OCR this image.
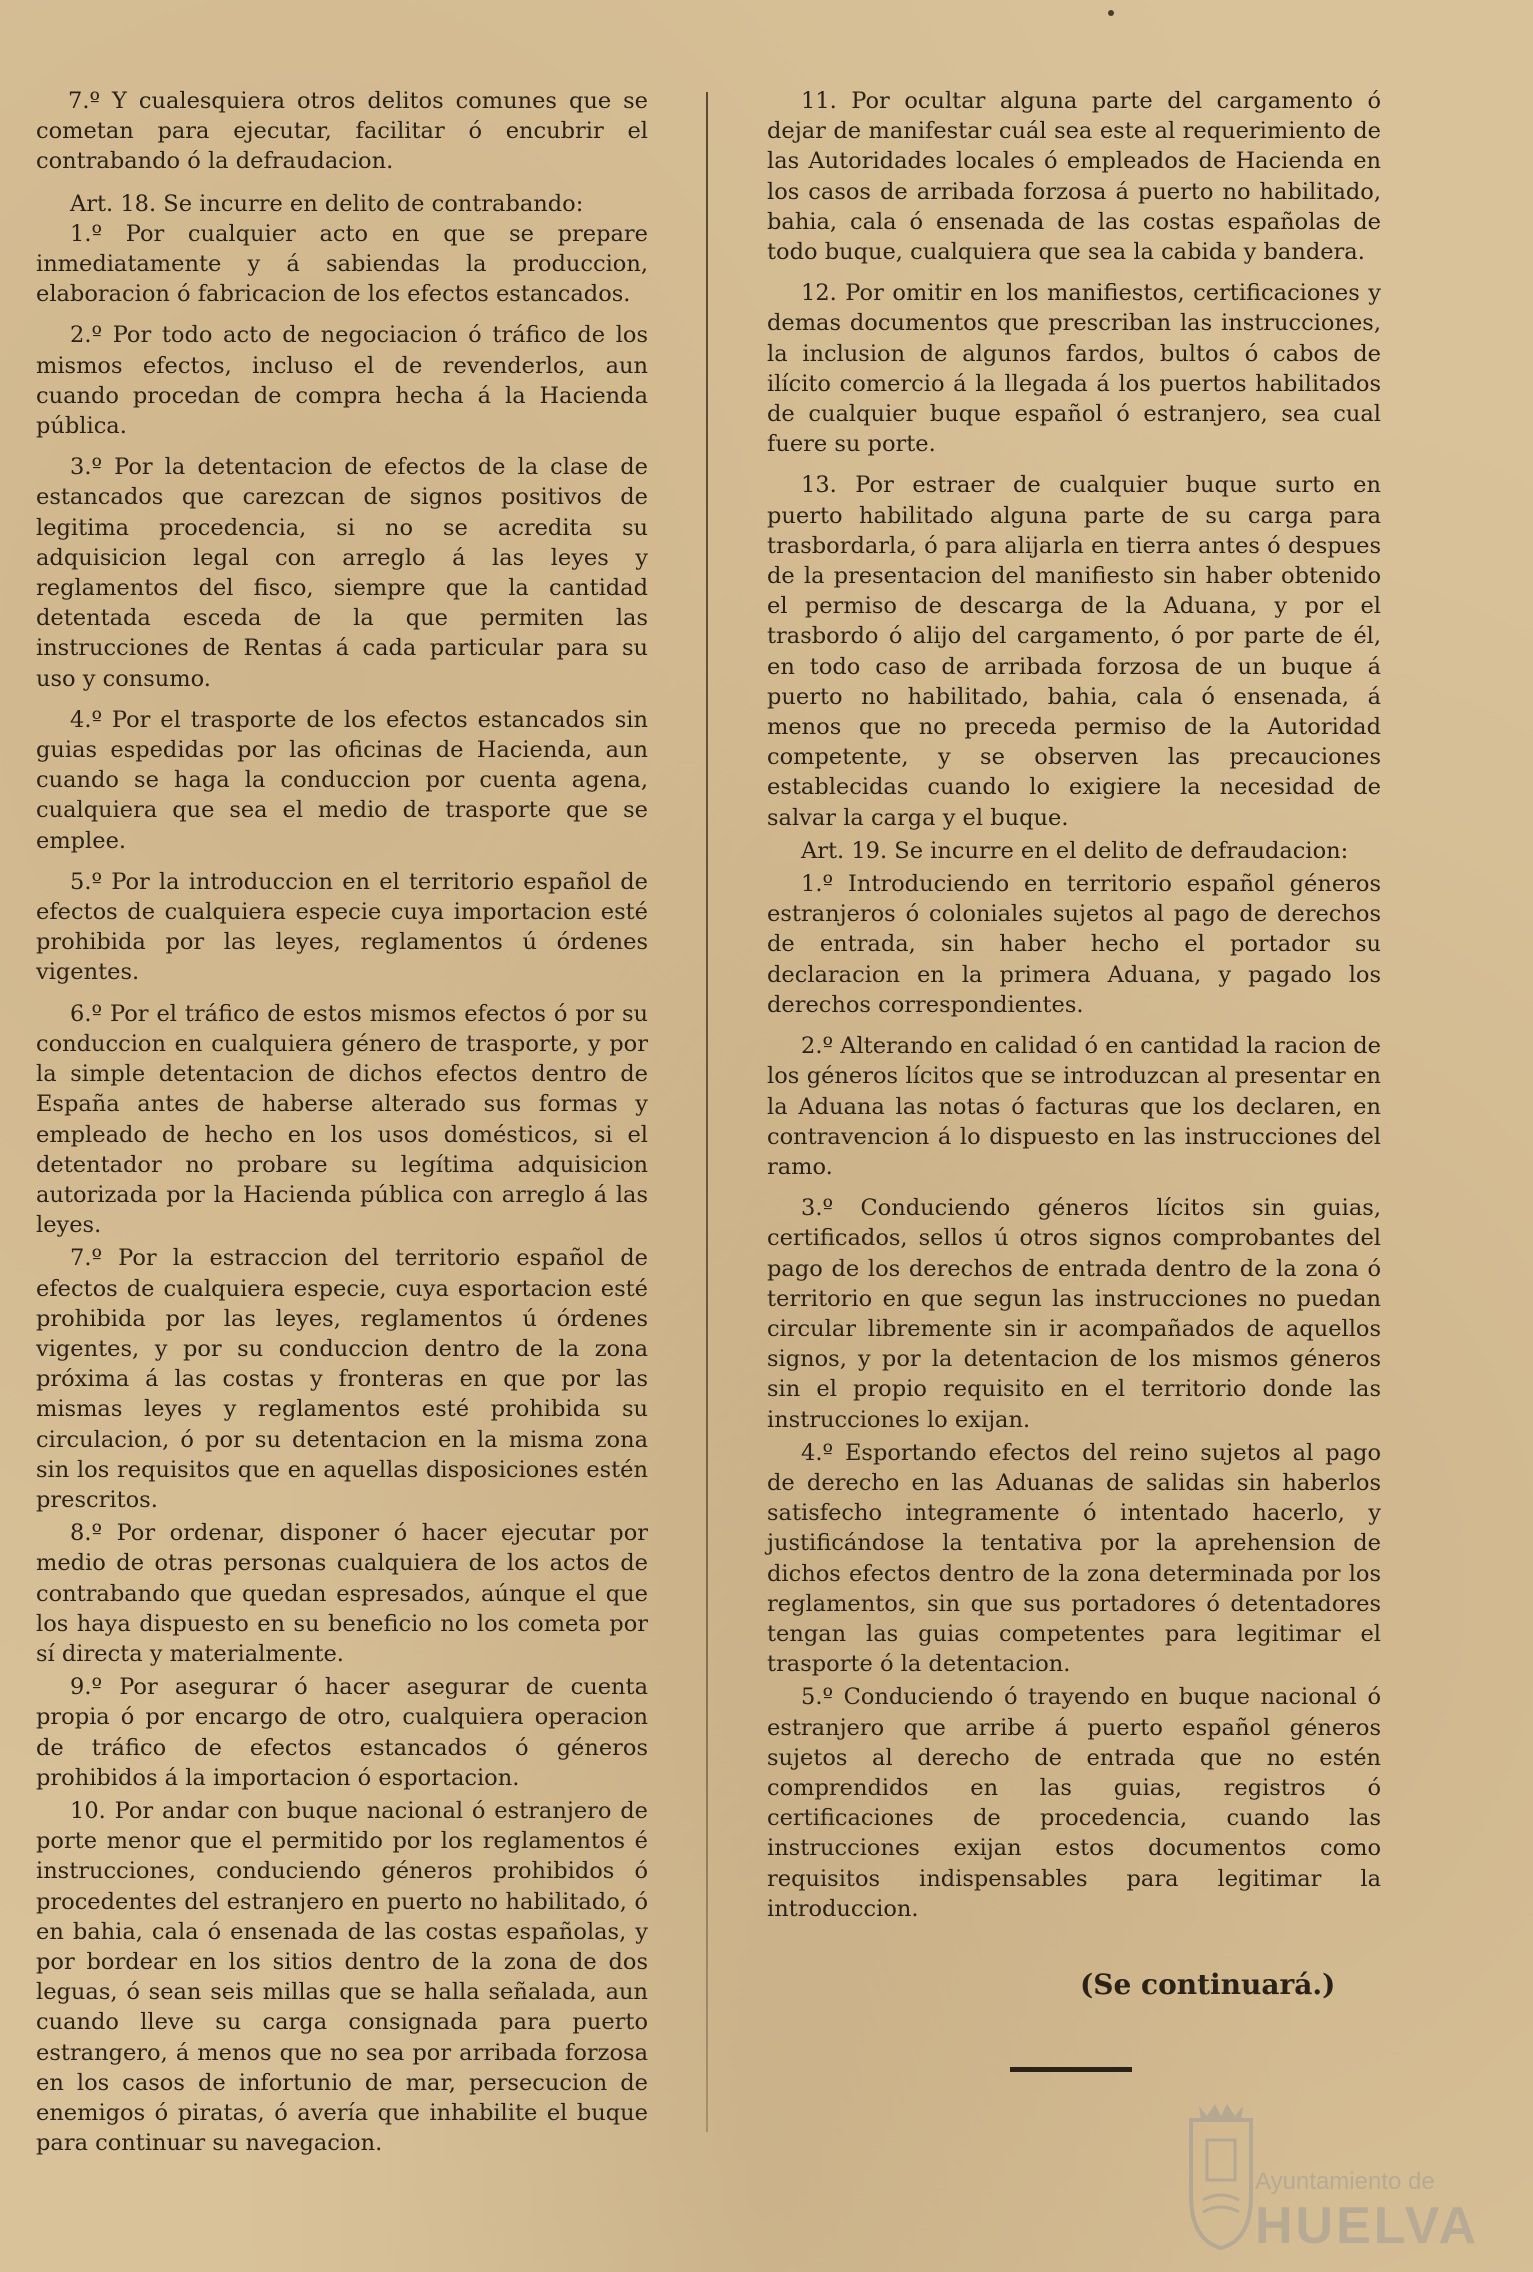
7.º Y cualesquiera otros delitos comunes que se cometan para ejecutar, facilitar ó encubrir el contrabando ó la defraudacion.

Art. 18. Se incurre en delito de contrabando:

1.º Por cualquier acto en que se prepare inmediatamente y á sabiendas la produccion, elaboracion ó fabricacion de los efectos estancados.

2.º Por todo acto de negociacion ó tráfico de los mismos efectos, incluso el de revenderlos, aun cuando procedan de compra hecha á la Hacienda pública.

3.º Por la detentacion de efectos de la clase de estancados que carezcan de signos positivos de legitima procedencia, si no se acredita su adquisicion legal con arreglo á las leyes y reglamentos del fisco, siempre que la cantidad detentada esceda de la que permiten las instrucciones de Rentas á cada particular para su uso y consumo.

4.º Por el trasporte de los efectos estancados sin guias espedidas por las oficinas de Hacienda, aun cuando se haga la conduccion por cuenta agena, cualquiera que sea el medio de trasporte que se emplee.

5.º Por la introduccion en el territorio español de efectos de cualquiera especie cuya importacion esté prohibida por las leyes, reglamentos ú órdenes vigentes.

6.º Por el tráfico de estos mismos efectos ó por su conduccion en cualquiera género de trasporte, y por la simple detentacion de dichos efectos dentro de España antes de haberse alterado sus formas y empleado de hecho en los usos domésticos, si el detentador no probare su legítima adquisicion autorizada por la Hacienda pública con arreglo á las leyes.

7.º Por la estraccion del territorio español de efectos de cualquiera especie, cuya esportacion esté prohibida por las leyes, reglamentos ú órdenes vigentes, y por su conduccion dentro de la zona próxima á las costas y fronteras en que por las mismas leyes y reglamentos esté prohibida su circulacion, ó por su detentacion en la misma zona sin los requisitos que en aquellas disposiciones estén prescritos.

8.º Por ordenar, disponer ó hacer ejecutar por medio de otras personas cualquiera de los actos de contrabando que quedan espresados, aúnque el que los haya dispuesto en su beneficio no los cometa por sí directa y materialmente.

9.º Por asegurar ó hacer asegurar de cuenta propia ó por encargo de otro, cualquiera operacion de tráfico de efectos estancados ó géneros prohibidos á la importacion ó esportacion.

10. Por andar con buque nacional ó estranjero de porte menor que el permitido por los reglamentos é instrucciones, conduciendo géneros prohibidos ó procedentes del estranjero en puerto no habilitado, ó en bahia, cala ó ensenada de las costas españolas, y por bordear en los sitios dentro de la zona de dos leguas, ó sean seis millas que se halla señalada, aun cuando lleve su carga consignada para puerto estrangero, á menos que no sea por arribada forzosa en los casos de infortunio de mar, persecucion de enemigos ó piratas, ó avería que inhabilite el buque para continuar su navegacion.

11. Por ocultar alguna parte del cargamento ó dejar de manifestar cuál sea este al requerimiento de las Autoridades locales ó empleados de Hacienda en los casos de arribada forzosa á puerto no habilitado, bahia, cala ó ensenada de las costas españolas de todo buque, cualquiera que sea la cabida y bandera.

12. Por omitir en los manifiestos, certificaciones y demas documentos que prescriban las instrucciones, la inclusion de algunos fardos, bultos ó cabos de ilícito comercio á la llegada á los puertos habilitados de cualquier buque español ó estranjero, sea cual fuere su porte.

13. Por estraer de cualquier buque surto en puerto habilitado alguna parte de su carga para trasbordarla, ó para alijarla en tierra antes ó despues de la presentacion del manifiesto sin haber obtenido el permiso de descarga de la Aduana, y por el trasbordo ó alijo del cargamento, ó por parte de él, en todo caso de arribada forzosa de un buque á puerto no habilitado, bahia, cala ó ensenada, á menos que no preceda permiso de la Autoridad competente, y se observen las precauciones establecidas cuando lo exigiere la necesidad de salvar la carga y el buque.

Art. 19. Se incurre en el delito de defraudacion:

1.º Introduciendo en territorio español géneros estranjeros ó coloniales sujetos al pago de derechos de entrada, sin haber hecho el portador su declaracion en la primera Aduana, y pagado los derechos correspondientes.

2.º Alterando en calidad ó en cantidad la racion de los géneros lícitos que se introduzcan al presentar en la Aduana las notas ó facturas que los declaren, en contravencion á lo dispuesto en las instrucciones del ramo.

3.º Conduciendo géneros lícitos sin guias, certificados, sellos ú otros signos comprobantes del pago de los derechos de entrada dentro de la zona ó territorio en que segun las instrucciones no puedan circular libremente sin ir acompañados de aquellos signos, y por la detentacion de los mismos géneros sin el propio requisito en el territorio donde las instrucciones lo exijan.

4.º Esportando efectos del reino sujetos al pago de derecho en las Aduanas de salidas sin haberlos satisfecho integramente ó intentado hacerlo, y justificándose la tentativa por la aprehension de dichos efectos dentro de la zona determinada por los reglamentos, sin que sus portadores ó detentadores tengan las guias competentes para legitimar el trasporte ó la detentacion.

5.º Conduciendo ó trayendo en buque nacional ó estranjero que arribe á puerto español géneros sujetos al derecho de entrada que no estén comprendidos en las guias, registros ó certificaciones de procedencia, cuando las instrucciones exijan estos documentos como requisitos indispensables para legitimar la introduccion.

(Se continuará.)
Ayuntamiento de
HUELVA
